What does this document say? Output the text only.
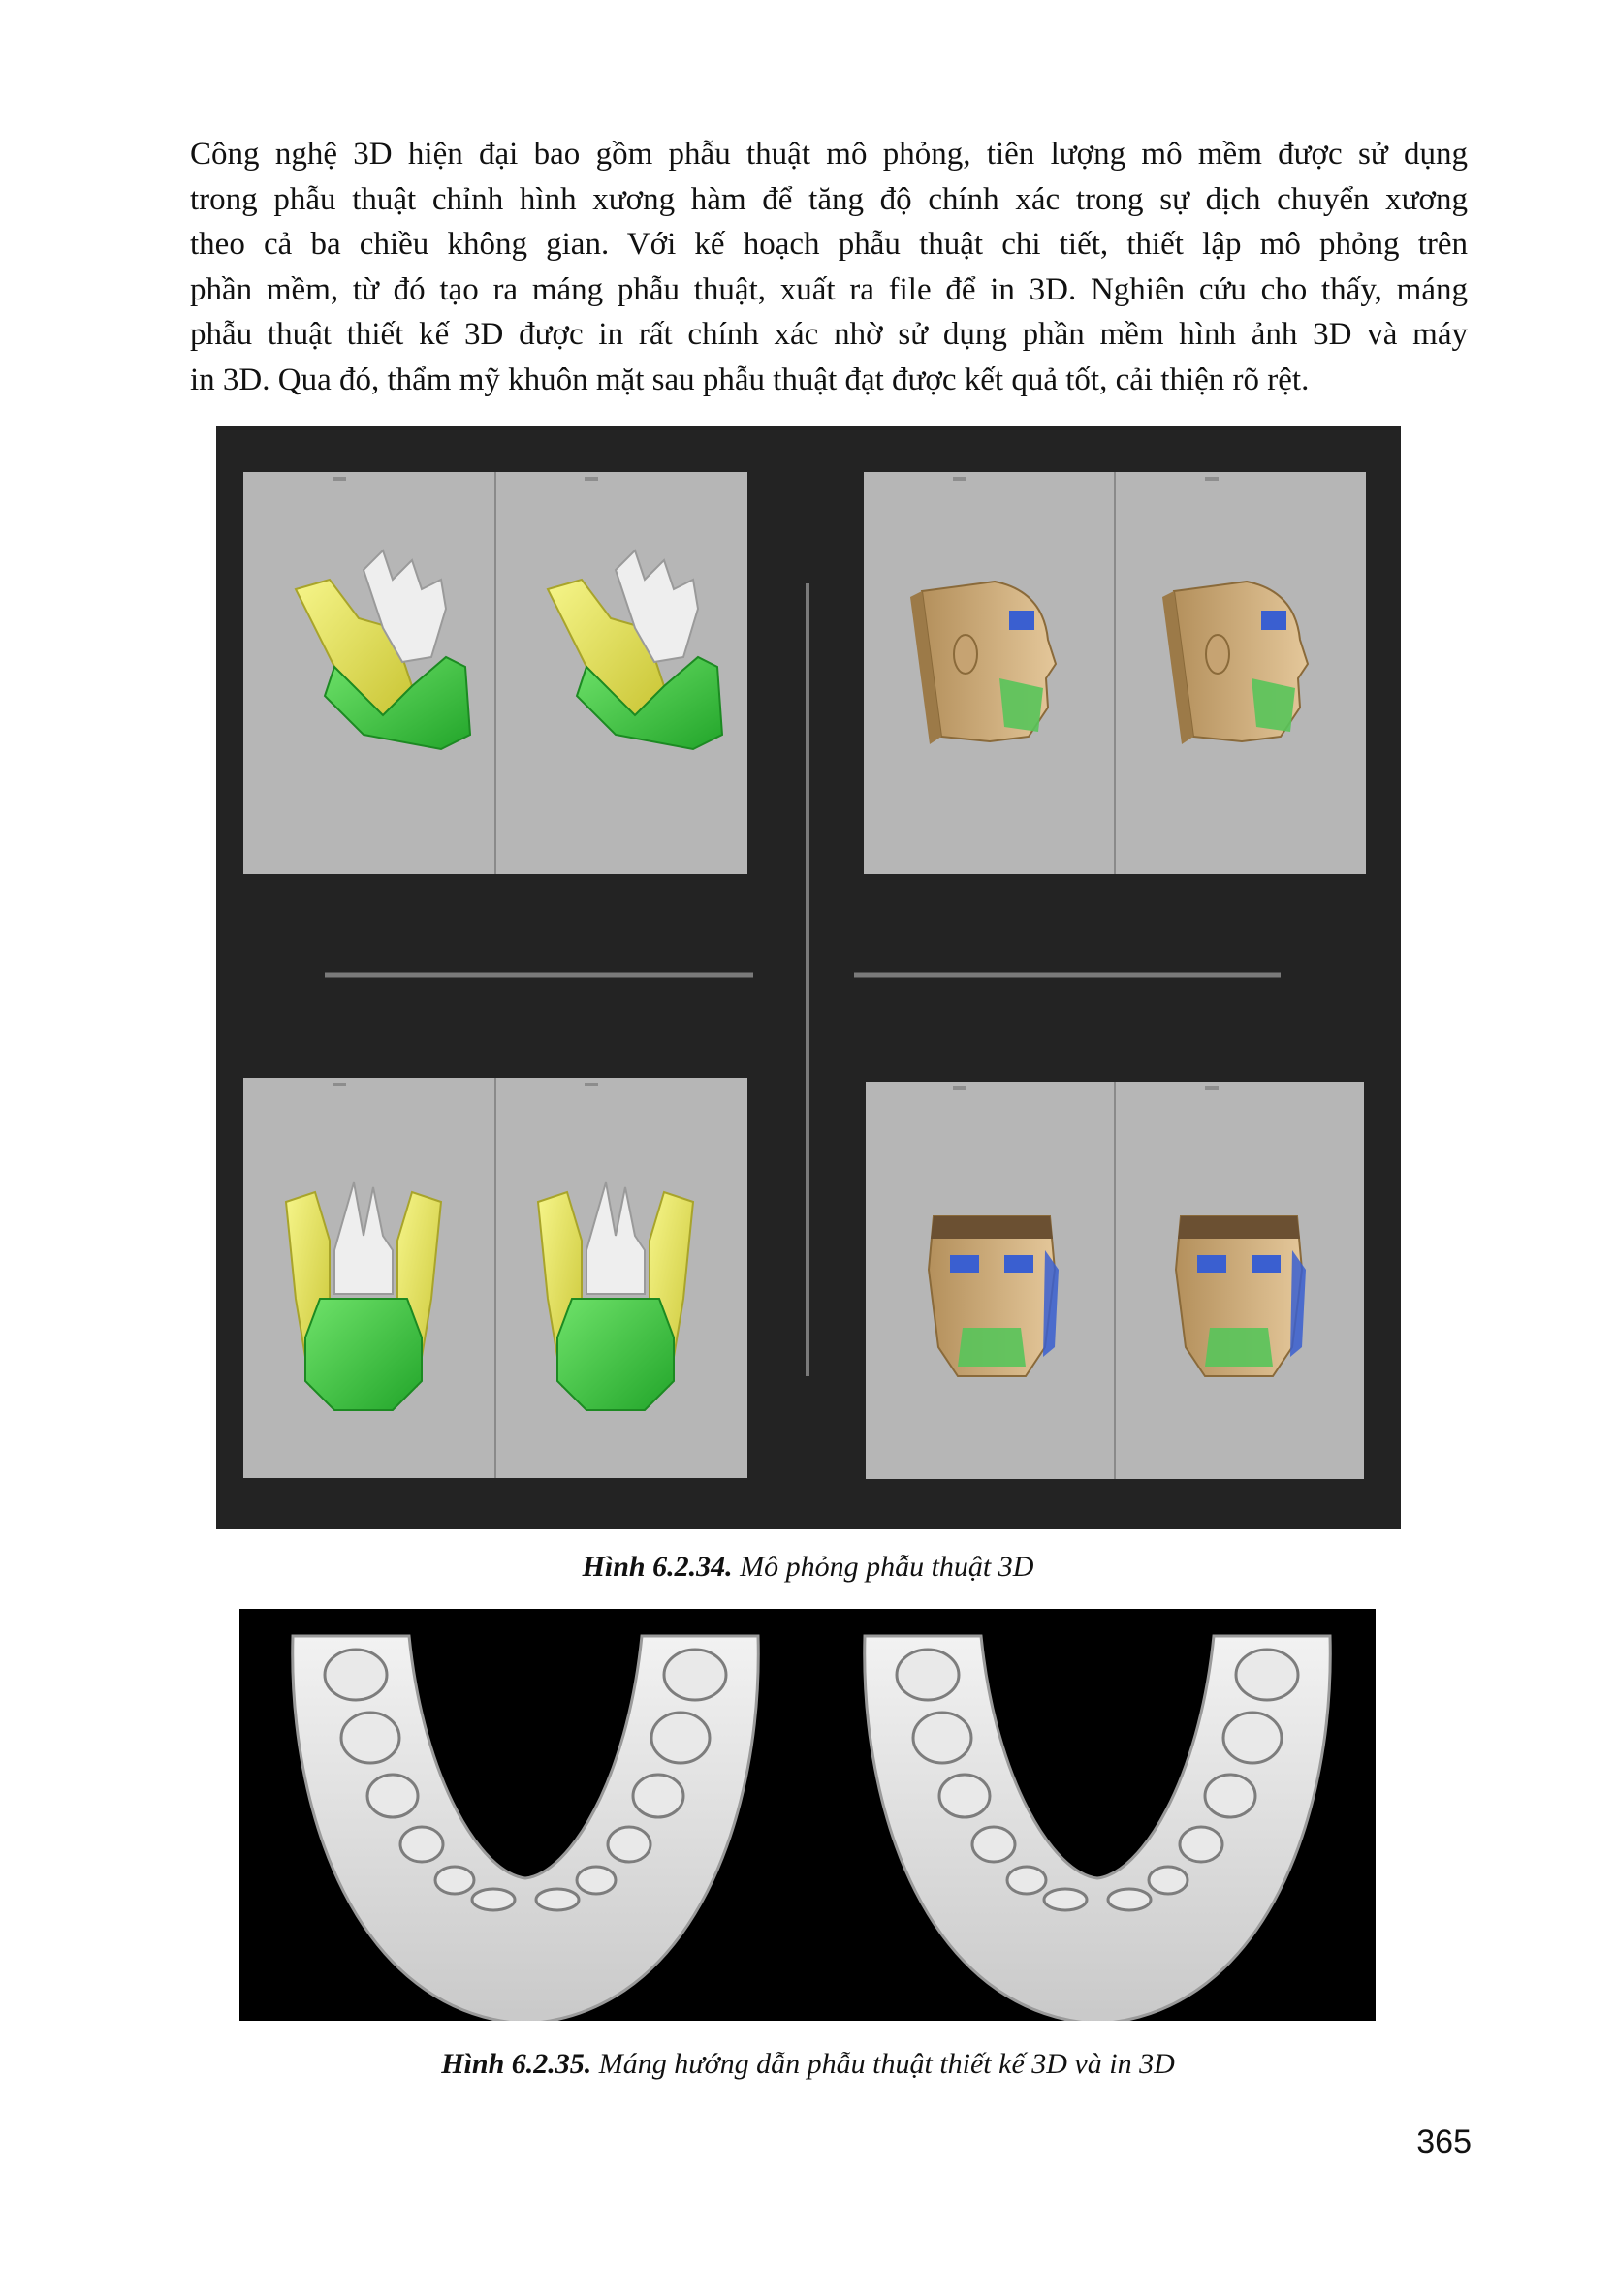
Công nghệ 3D hiện đại bao gồm phẫu thuật mô phỏng, tiên lượng mô mềm được sử dụng
trong phẫu thuật chỉnh hình xương hàm để tăng độ chính xác trong sự dịch chuyển xương
theo cả ba chiều không gian. Với kế hoạch phẫu thuật chi tiết, thiết lập mô phỏng trên
phần mềm, từ đó tạo ra máng phẫu thuật, xuất ra file để in 3D. Nghiên cứu cho thấy, máng
phẫu thuật thiết kế 3D được in rất chính xác nhờ sử dụng phần mềm hình ảnh 3D và máy
in 3D. Qua đó, thẩm mỹ khuôn mặt sau phẫu thuật đạt được kết quả tốt, cải thiện rõ rệt.

Hình 6.2.34. Mô phỏng phẫu thuật 3D
Hình 6.2.35. Máng hướng dẫn phẫu thuật thiết kế 3D và in 3D
365
